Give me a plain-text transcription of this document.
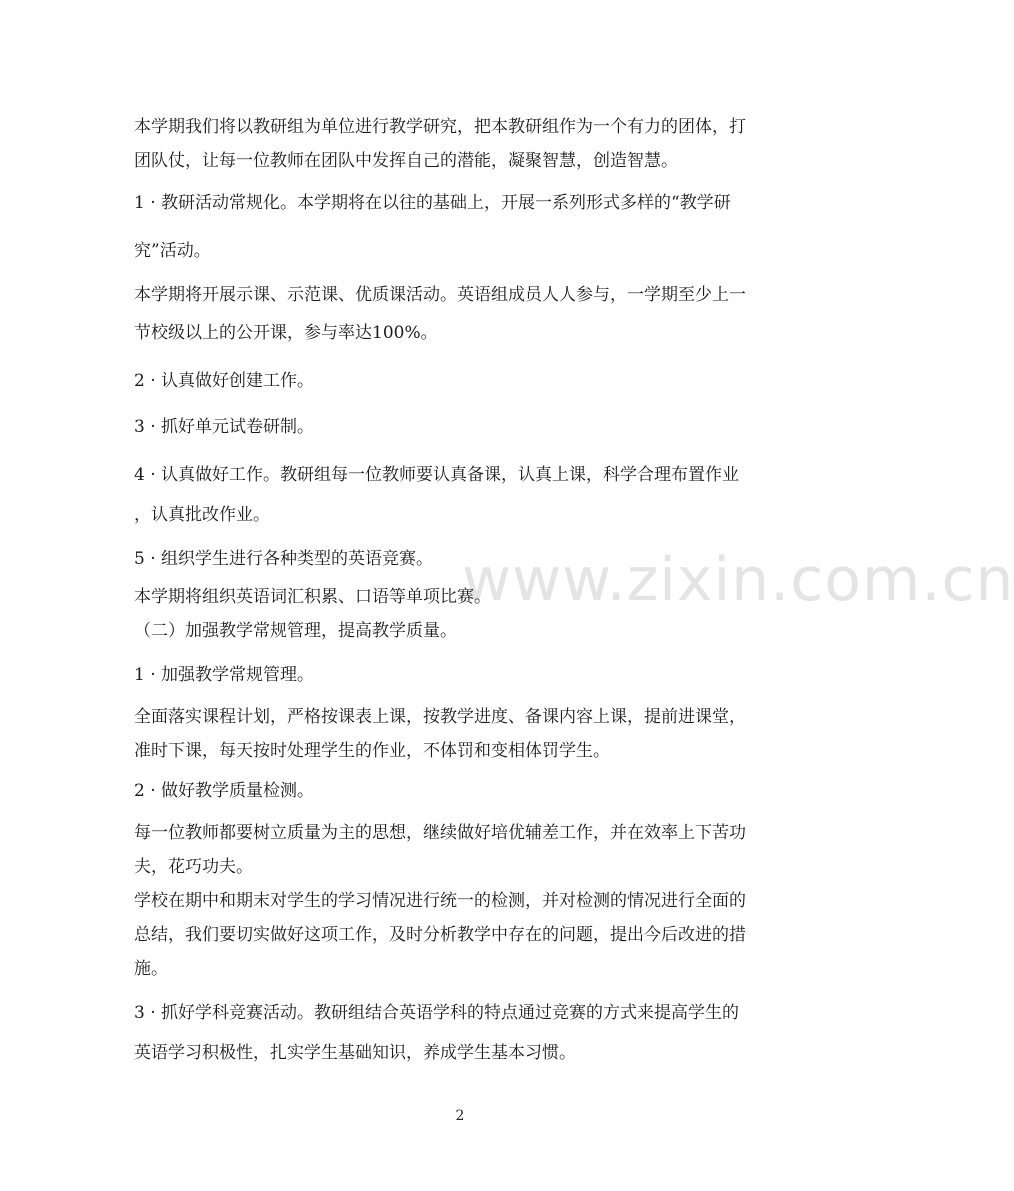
www.zixin.com.cn
本学期我们将以教研组为单位进行教学研究，把本教研组作为一个有力的团体，打
团队仗，让每一位教师在团队中发挥自己的潜能，凝聚智慧，创造智慧。
1 · 教研活动常规化。本学期将在以往的基础上，开展一系列形式多样的“教学研
究”活动。
本学期将开展示课、示范课、优质课活动。英语组成员人人参与，一学期至少上一
节校级以上的公开课，参与率达100%。
2 · 认真做好创建工作。
3 · 抓好单元试卷研制。
4 · 认真做好工作。教研组每一位教师要认真备课，认真上课，科学合理布置作业
，认真批改作业。
5 · 组织学生进行各种类型的英语竞赛。
本学期将组织英语词汇积累、口语等单项比赛。
（二）加强教学常规管理，提高教学质量。
1 · 加强教学常规管理。
全面落实课程计划，严格按课表上课，按教学进度、备课内容上课，提前进课堂，
准时下课，每天按时处理学生的作业，不体罚和变相体罚学生。
2 · 做好教学质量检测。
每一位教师都要树立质量为主的思想，继续做好培优辅差工作，并在效率上下苦功
夫，花巧功夫。
学校在期中和期末对学生的学习情况进行统一的检测，并对检测的情况进行全面的
总结，我们要切实做好这项工作，及时分析教学中存在的问题，提出今后改进的措
施。
3 · 抓好学科竞赛活动。教研组结合英语学科的特点通过竞赛的方式来提高学生的
英语学习积极性，扎实学生基础知识，养成学生基本习惯。
2
